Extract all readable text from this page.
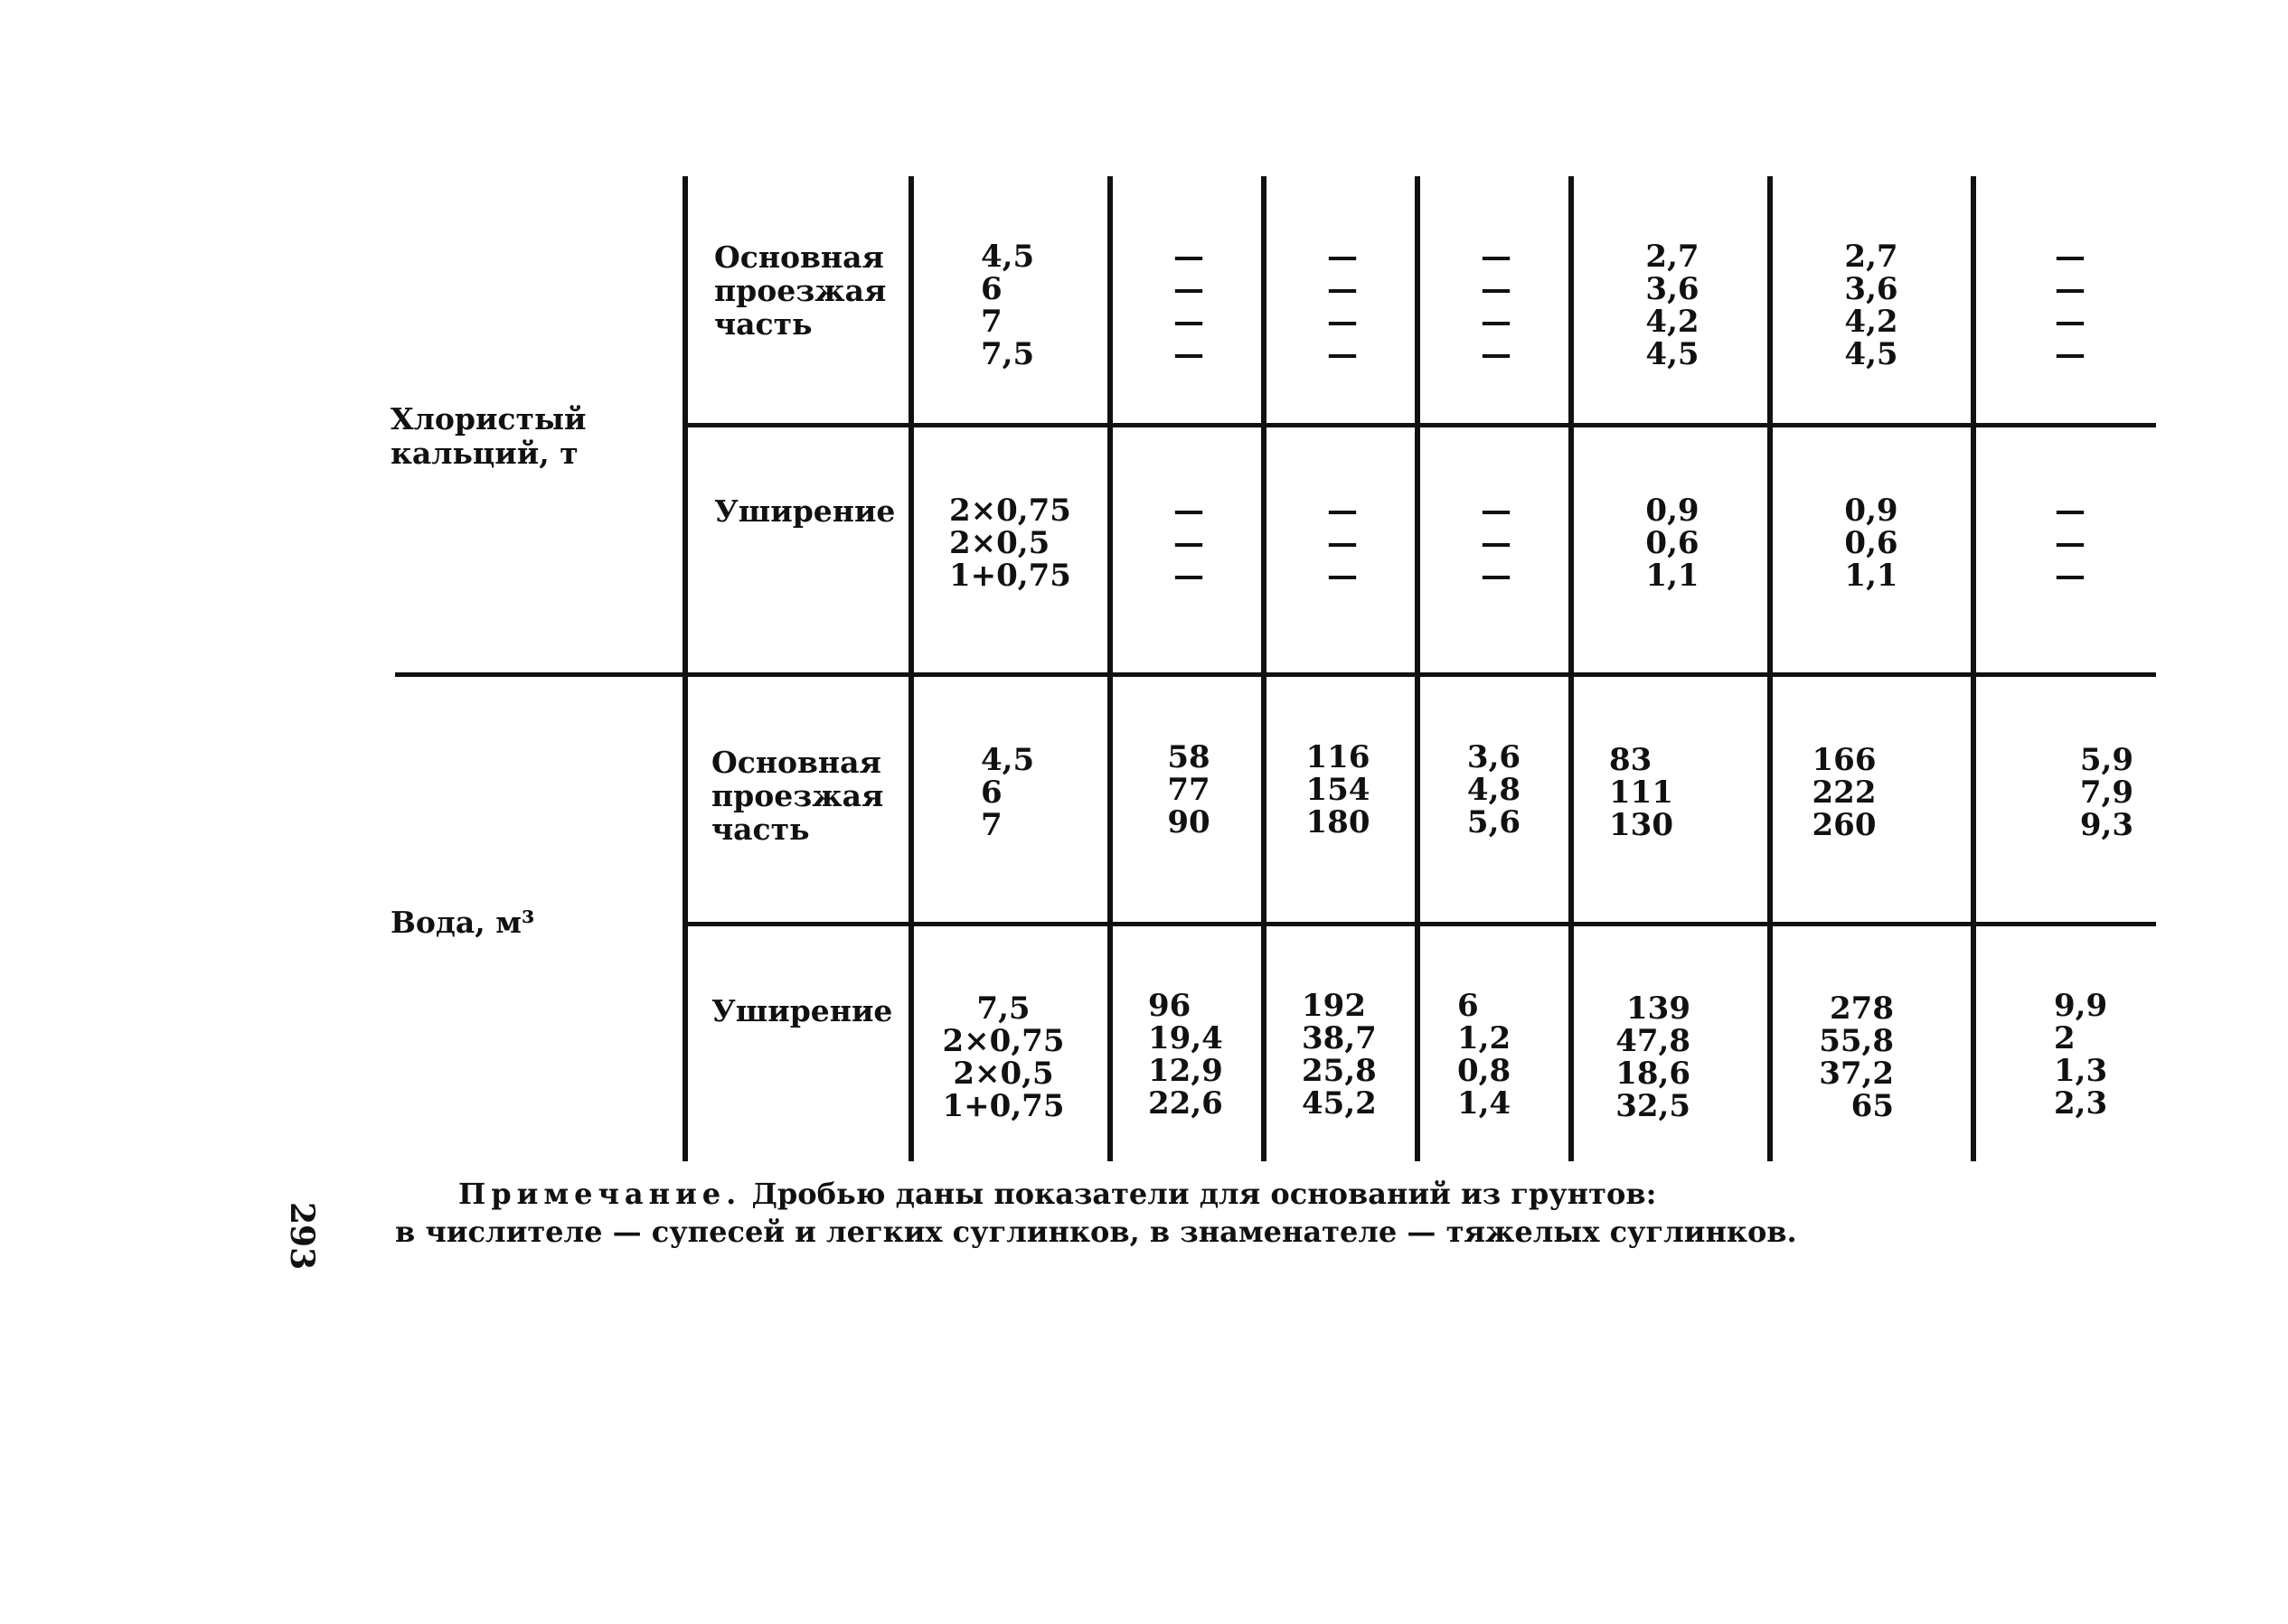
Хлористый кальций, т
Вода, м³
Основная
проезжая
часть
4,5
6
7
7,5
—
—
—
—
—
—
—
—
—
—
—
—
2,7
3,6
4,2
4,5
2,7
3,6
4,2
4,5
—
—
—
—
Уширение 2×0,75
2×0,5
1+0,75
—
—
—
—
—
—
—
—
—
0,9
0,6
1,1
0,9
0,6
1,1
—
—
—
Основная
проезжая
часть
4,5
6
7
58
77
90
116
154
180
3,6
4,8
5,6
83
111
130
166
222
260
5,9
7,9
9,3
Уширение	7,5
2×0,75
2×0,5
1+0,75
96
19,4
12,9
22,6
192
38,7
25,8
45,2
6
1,2
0,8
1,4
139
47,8
18,6
32,5
278
55,8
37,2
65
9,9
2
1,3
2,3
Примечание. Дробью даны показатели для оснований из грунтов:
в числителе — супесей и легких суглинков, в знаменателе — тяжелых суглинков.
293
